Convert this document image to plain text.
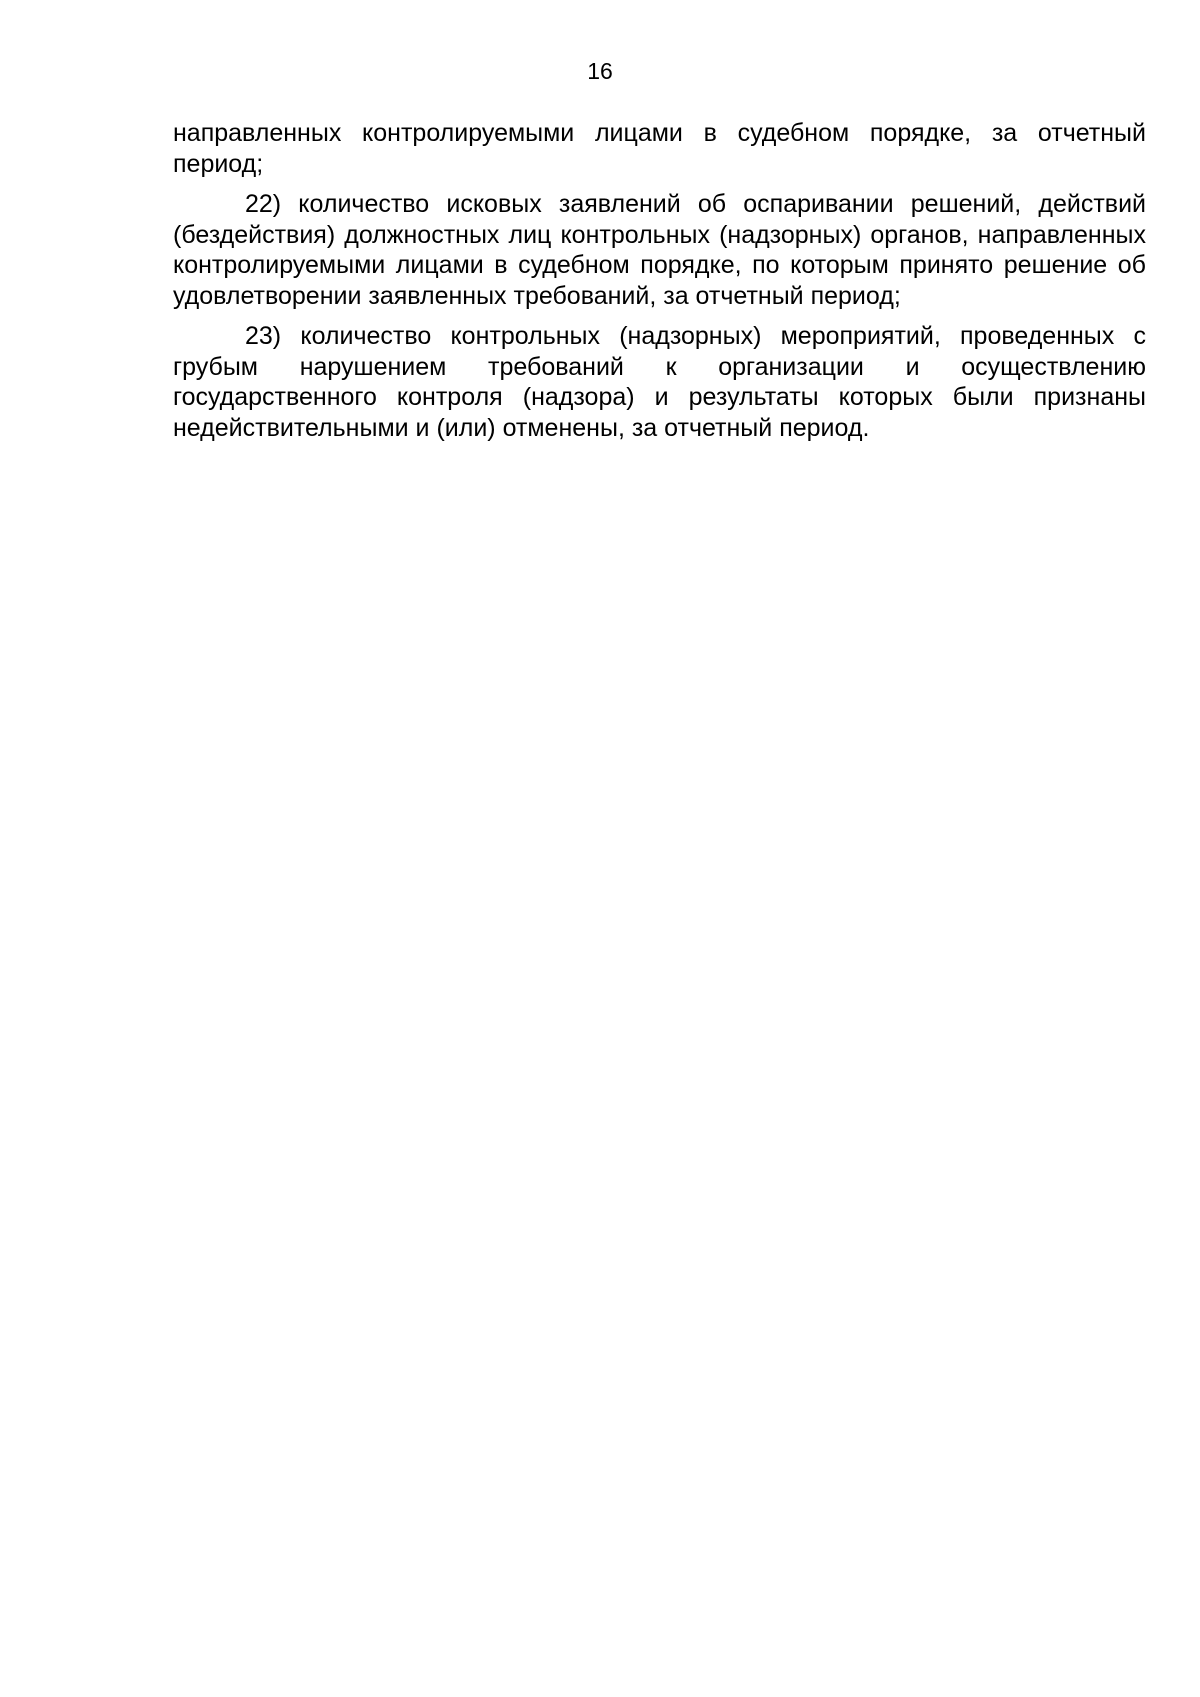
16

направленных контролируемыми лицами в судебном порядке, за отчетный период;

22) количество исковых заявлений об оспаривании решений, действий (бездействия) должностных лиц контрольных (надзорных) органов, направленных контролируемыми лицами в судебном порядке, по которым принято решение об удовлетворении заявленных требований, за отчетный период;

23) количество контрольных (надзорных) мероприятий, проведенных с грубым нарушением требований к организации и осуществлению государственного контроля (надзора) и результаты которых были признаны недействительными и (или) отменены, за отчетный период.
